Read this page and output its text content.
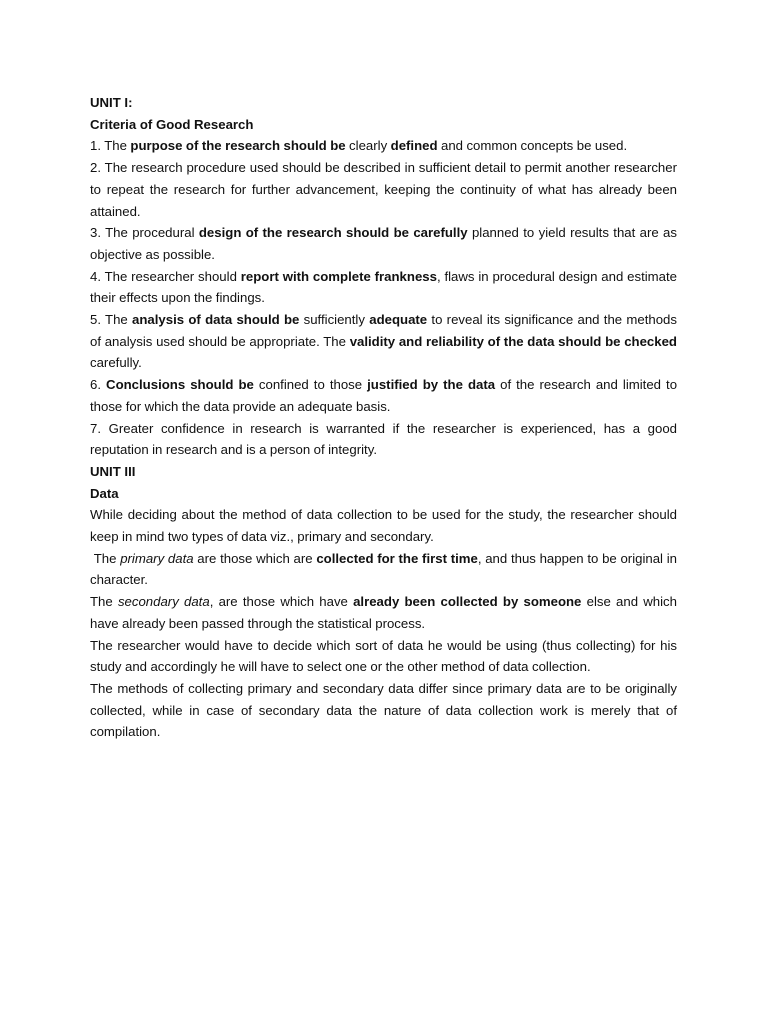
UNIT I:

Criteria of Good Research

1. The purpose of the research should be clearly defined and common concepts be used.

2. The research procedure used should be described in sufficient detail to permit another researcher to repeat the research for further advancement, keeping the continuity of what has already been attained.

3. The procedural design of the research should be carefully planned to yield results that are as objective as possible.

4. The researcher should report with complete frankness, flaws in procedural design and estimate their effects upon the findings.

5. The analysis of data should be sufficiently adequate to reveal its significance and the methods of analysis used should be appropriate. The validity and reliability of the data should be checked carefully.

6. Conclusions should be confined to those justified by the data of the research and limited to those for which the data provide an adequate basis.

7. Greater confidence in research is warranted if the researcher is experienced, has a good reputation in research and is a person of integrity.

UNIT III

Data

While deciding about the method of data collection to be used for the study, the researcher should keep in mind two types of data viz., primary and secondary.

The primary data are those which are collected for the first time, and thus happen to be original in character.

The secondary data, are those which have already been collected by someone else and which have already been passed through the statistical process.

The researcher would have to decide which sort of data he would be using (thus collecting) for his study and accordingly he will have to select one or the other method of data collection.

The methods of collecting primary and secondary data differ since primary data are to be originally collected, while in case of secondary data the nature of data collection work is merely that of compilation.
